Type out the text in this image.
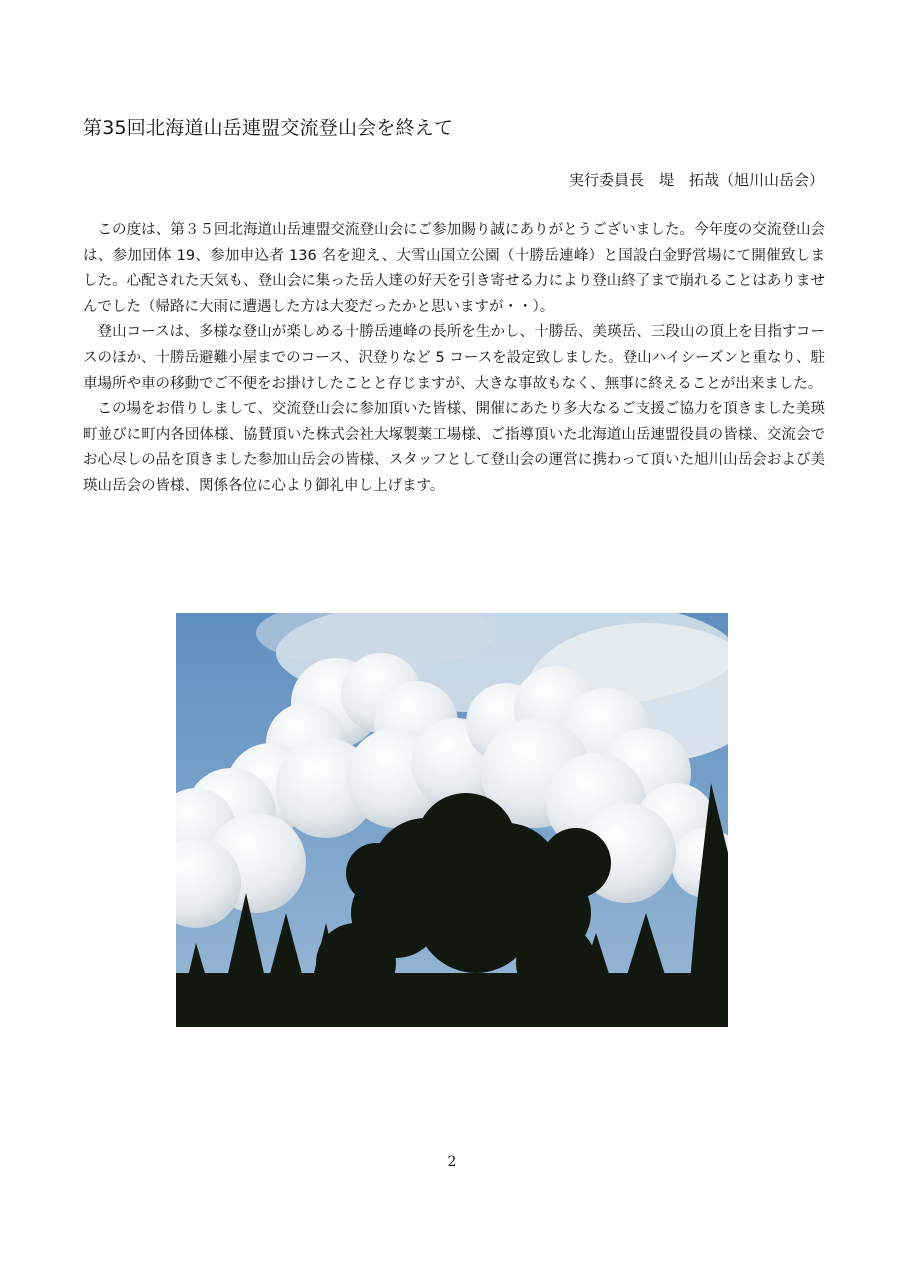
第35回北海道山岳連盟交流登山会を終えて

実行委員長　堤　拓哉（旭川山岳会）

この度は、第３５回北海道山岳連盟交流登山会にご参加賜り誠にありがとうございました。今年度の交流登山会は、参加団体 19、参加申込者 136 名を迎え、大雪山国立公園（十勝岳連峰）と国設白金野営場にて開催致しました。心配された天気も、登山会に集った岳人達の好天を引き寄せる力により登山終了まで崩れることはありませんでした（帰路に大雨に遭遇した方は大変だったかと思いますが・・）。

登山コースは、多様な登山が楽しめる十勝岳連峰の長所を生かし、十勝岳、美瑛岳、三段山の頂上を目指すコースのほか、十勝岳避難小屋までのコース、沢登りなど 5 コースを設定致しました。登山ハイシーズンと重なり、駐車場所や車の移動でご不便をお掛けしたことと存じますが、大きな事故もなく、無事に終えることが出来ました。

この場をお借りしまして、交流登山会に参加頂いた皆様、開催にあたり多大なるご支援ご協力を頂きました美瑛町並びに町内各団体様、協賛頂いた株式会社大塚製薬工場様、ご指導頂いた北海道山岳連盟役員の皆様、交流会でお心尽しの品を頂きました参加山岳会の皆様、スタッフとして登山会の運営に携わって頂いた旭川山岳会および美瑛山岳会の皆様、関係各位に心より御礼申し上げます。

2
